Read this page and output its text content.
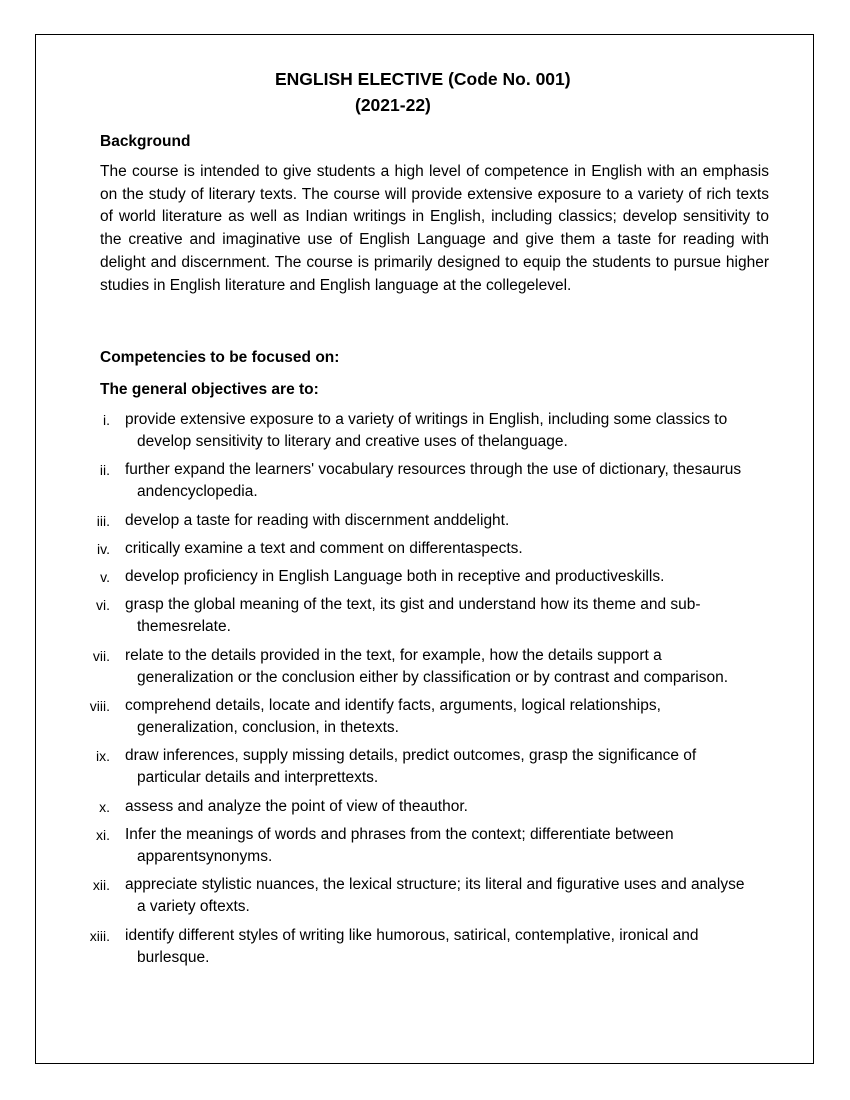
ENGLISH ELECTIVE (Code No. 001)
(2021-22)
Background
The course is intended to give students a high level of competence in English with an emphasis on the study of literary texts. The course will provide extensive exposure to a variety of rich texts of world literature as well as Indian writings in English, including classics; develop sensitivity to the creative and imaginative use of English Language and give them a taste for reading with delight and discernment. The course is primarily designed to equip the students to pursue higher studies in English literature and English language at the collegelevel.
Competencies to be focused on:
The general objectives are to:
i. provide extensive exposure to a variety of writings in English, including some classics to develop sensitivity to literary and creative uses of thelanguage.
ii. further expand the learners' vocabulary resources through the use of dictionary, thesaurus andencyclopedia.
iii. develop a taste for reading with discernment anddelight.
iv. critically examine a text and comment on differentaspects.
v. develop proficiency in English Language both in receptive and productiveskills.
vi. grasp the global meaning of the text, its gist and understand how its theme and sub-themesrelate.
vii. relate to the details provided in the text, for example, how the details support a generalization or the conclusion either by classification or by contrast and comparison.
viii. comprehend details, locate and identify facts, arguments, logical relationships, generalization, conclusion, in thetexts.
ix. draw inferences, supply missing details, predict outcomes, grasp the significance of particular details and interprettexts.
x. assess and analyze the point of view of theauthor.
xi. Infer the meanings of words and phrases from the context; differentiate between apparentsynonyms.
xii. appreciate stylistic nuances, the lexical structure; its literal and figurative uses and analyse a variety oftexts.
xiii. identify different styles of writing like humorous, satirical, contemplative, ironical and burlesque.
